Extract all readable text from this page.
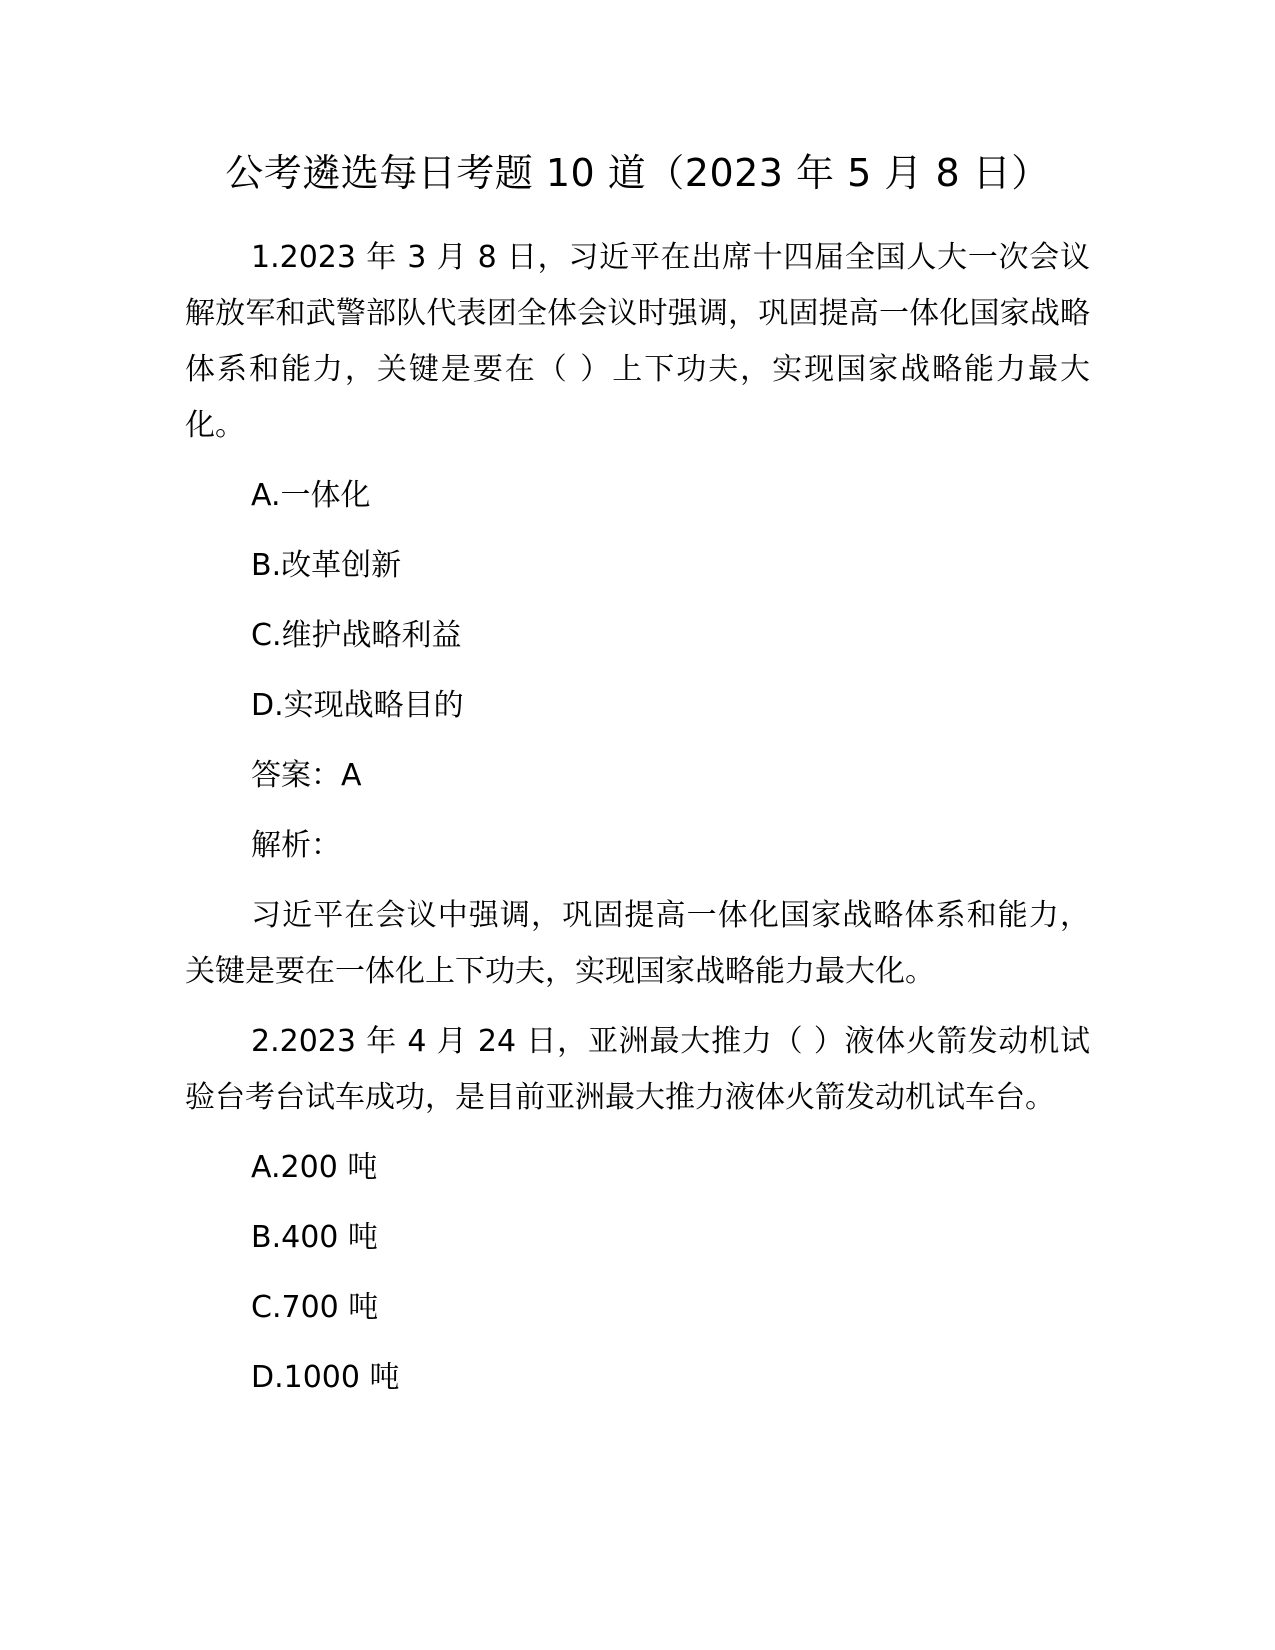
公考遴选每日考题 10 道（2023 年 5 月 8 日）
1.2023 年 3 月 8 日，习近平在出席十四届全国人大一次会议解放军和武警部队代表团全体会议时强调，巩固提高一体化国家战略体系和能力，关键是要在（ ）上下功夫，实现国家战略能力最大化。
A.一体化
B.改革创新
C.维护战略利益
D.实现战略目的
答案：A
解析：
习近平在会议中强调，巩固提高一体化国家战略体系和能力，关键是要在一体化上下功夫，实现国家战略能力最大化。
2.2023 年 4 月 24 日，亚洲最大推力（ ）液体火箭发动机试验台考台试车成功，是目前亚洲最大推力液体火箭发动机试车台。
A.200 吨
B.400 吨
C.700 吨
D.1000 吨
